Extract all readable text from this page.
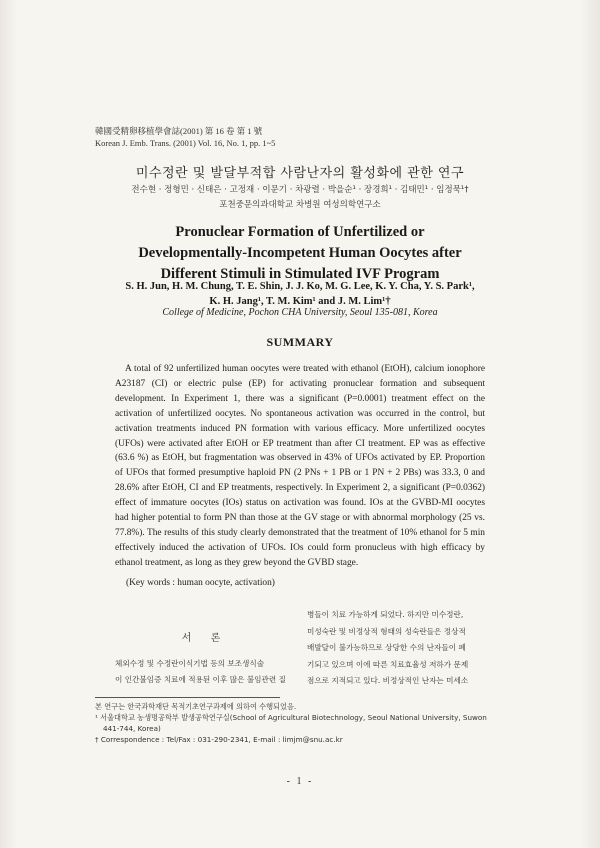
韓國受精卵移植學會誌(2001) 第 16 卷 第 1 號
Korean J. Emb. Trans. (2001) Vol. 16, No. 1, pp. 1~5
미수정란 및 발달부적합 사람난자의 활성화에 관한 연구
전수현 · 정형민 · 신태은 · 고정재 · 이문기 · 차광렬 · 박을순¹ · 장경희¹ · 김태민¹ · 임정묵¹†
포천중문의과대학교 차병원 여성의학연구소
Pronuclear Formation of Unfertilized or
Developmentally-Incompetent Human Oocytes after
Different Stimuli in Stimulated IVF Program
S. H. Jun, H. M. Chung, T. E. Shin, J. J. Ko, M. G. Lee, K. Y. Cha, Y. S. Park¹,
K. H. Jang¹, T. M. Kim¹ and J. M. Lim¹†
College of Medicine, Pochon CHA University, Seoul 135-081, Korea
SUMMARY
A total of 92 unfertilized human oocytes were treated with ethanol (EtOH), calcium ionophore A23187 (CI) or electric pulse (EP) for activating pronuclear formation and subsequent development. In Experiment 1, there was a significant (P=0.0001) treatment effect on the activation of unfertilized oocytes. No spontaneous activation was occurred in the control, but activation treatments induced PN formation with various efficacy. More unfertilized oocytes (UFOs) were activated after EtOH or EP treatment than after CI treatment. EP was as effective (63.6 %) as EtOH, but fragmentation was observed in 43% of UFOs activated by EP. Proportion of UFOs that formed presumptive haploid PN (2 PNs + 1 PB or 1 PN + 2 PBs) was 33.3, 0 and 28.6% after EtOH, CI and EP treatments, respectively. In Experiment 2, a significant (P=0.0362) effect of immature oocytes (IOs) status on activation was found. IOs at the GVBD-MI oocytes had higher potential to form PN than those at the GV stage or with abnormal morphology (25 vs. 77.8%). The results of this study clearly demonstrated that the treatment of 10% ethanol for 5 min effectively induced the activation of UFOs. IOs could form pronucleus with high efficacy by ethanol treatment, as long as they grew beyond the GVBD stage.
(Key words : human oocyte, activation)
서 론
체외수정 및 수정란이식기법 등의 보조생식술
이 인간불임증 치료에 적용된 이후 많은 불임관련 질
병들이 치료 가능하게 되었다. 하지만 미수정란,
미성숙란 및 비정상적 형태의 성숙란들은 정상적
배발달이 불가능하므로 상당한 수의 난자들이 폐
기되고 있으며 이에 따른 치료효율성 저하가 문제
점으로 지적되고 있다. 비정상적인 난자는 미세소
본 연구는 한국과학재단 목적기초연구과제에 의하여 수행되었음.
¹ 서울대학교 농생명공학부 발생공학연구실(School of Agricultural Biotechnology, Seoul National University, Suwon
441-744, Korea)
† Correspondence : Tel/Fax : 031-290-2341, E-mail : limjm@snu.ac.kr
- 1 -
